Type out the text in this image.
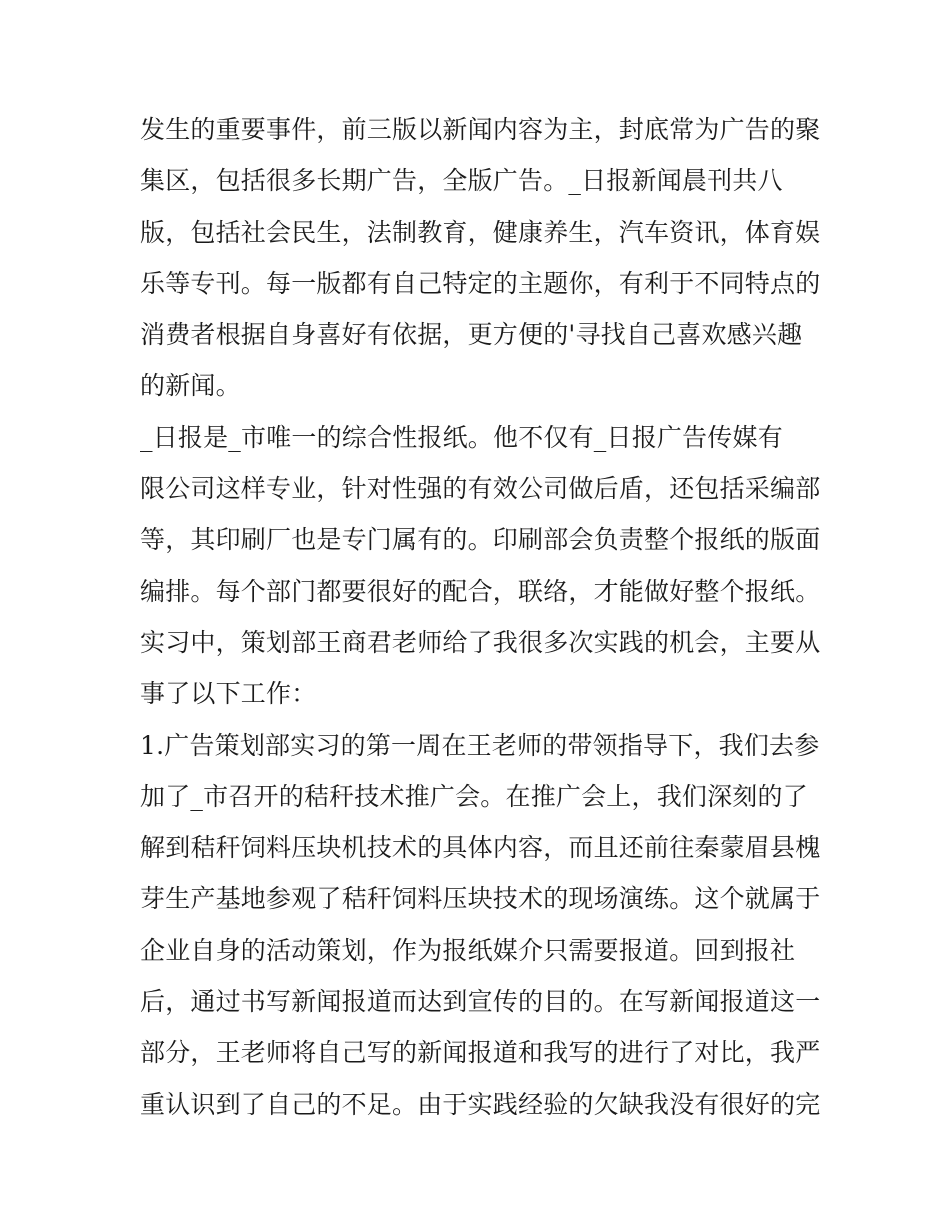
发生的重要事件，前三版以新闻内容为主，封底常为广告的聚
集区，包括很多长期广告，全版广告。_日报新闻晨刊共八
版，包括社会民生，法制教育，健康养生，汽车资讯，体育娱
乐等专刊。每一版都有自己特定的主题你，有利于不同特点的
消费者根据自身喜好有依据，更方便的'寻找自己喜欢感兴趣
的新闻。
_日报是_市唯一的综合性报纸。他不仅有_日报广告传媒有
限公司这样专业，针对性强的有效公司做后盾，还包括采编部
等，其印刷厂也是专门属有的。印刷部会负责整个报纸的版面
编排。每个部门都要很好的配合，联络，才能做好整个报纸。
实习中，策划部王商君老师给了我很多次实践的机会，主要从
事了以下工作：
1.广告策划部实习的第一周在王老师的带领指导下，我们去参
加了_市召开的秸秆技术推广会。在推广会上，我们深刻的了
解到秸秆饲料压块机技术的具体内容，而且还前往秦蒙眉县槐
芽生产基地参观了秸秆饲料压块技术的现场演练。这个就属于
企业自身的活动策划，作为报纸媒介只需要报道。回到报社
后，通过书写新闻报道而达到宣传的目的。在写新闻报道这一
部分，王老师将自己写的新闻报道和我写的进行了对比，我严
重认识到了自己的不足。由于实践经验的欠缺我没有很好的完
